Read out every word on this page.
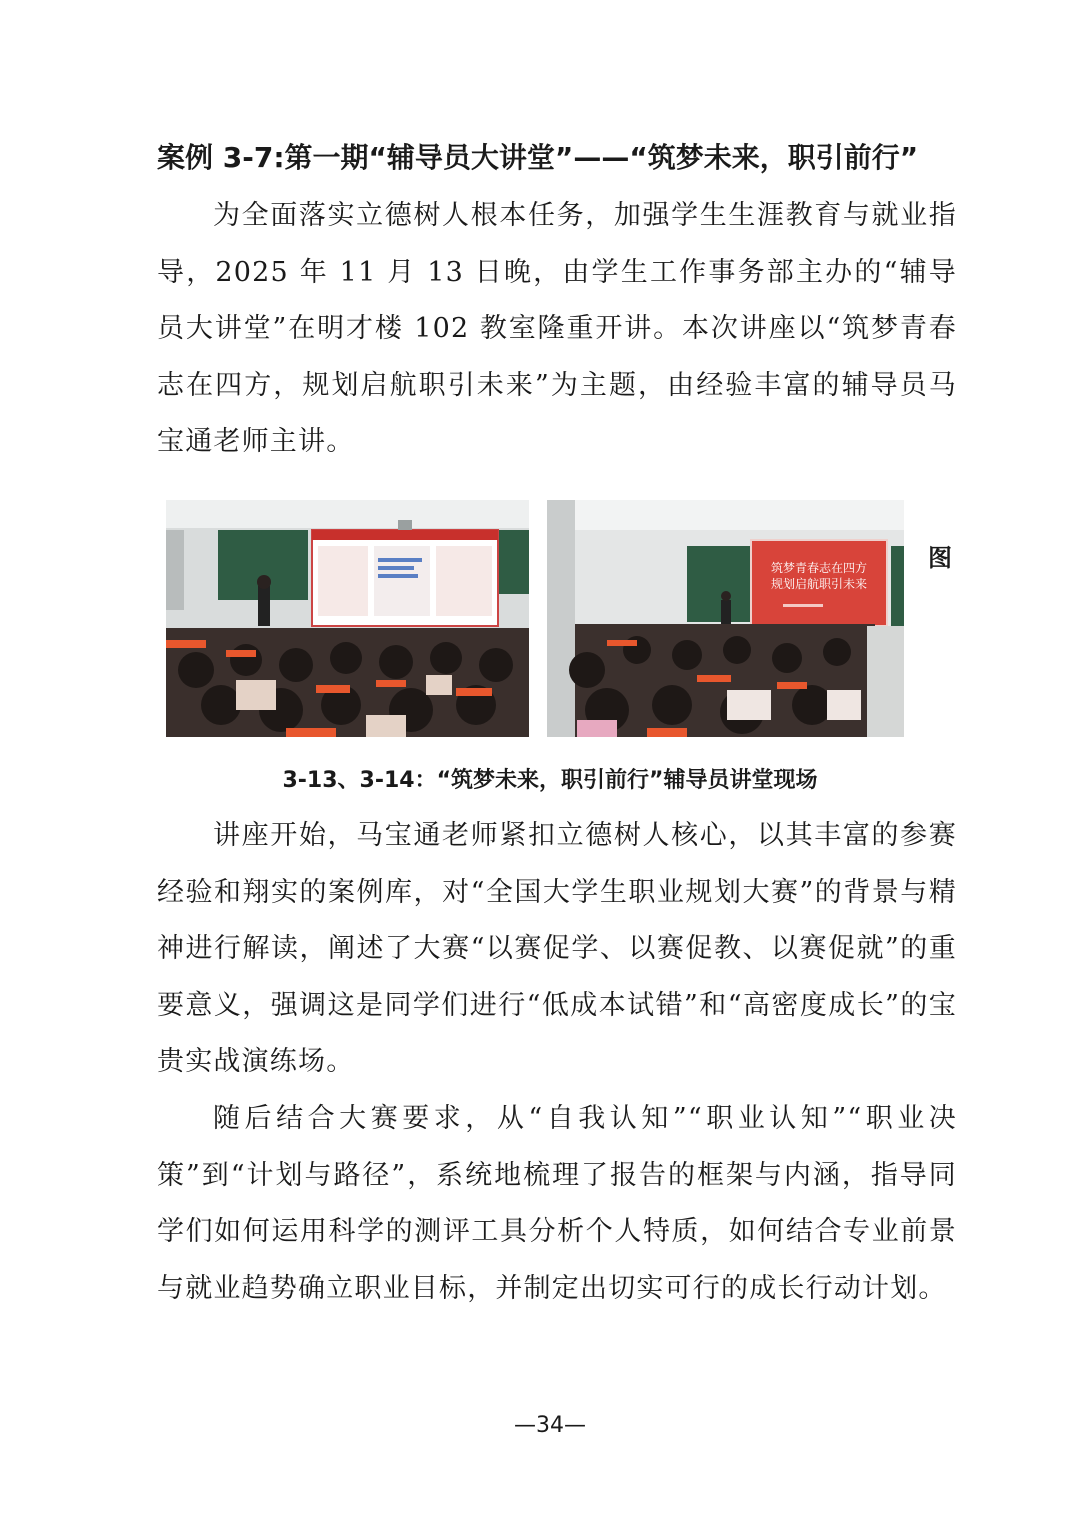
案例 3-7:第一期“辅导员大讲堂”——“筑梦未来，职引前行”

为全面落实立德树人根本任务，加强学生生涯教育与就业指导，2025 年 11 月 13 日晚，由学生工作事务部主办的“辅导员大讲堂”在明才楼 102 教室隆重开讲。本次讲座以“筑梦青春志在四方，规划启航职引未来”为主题，由经验丰富的辅导员马宝通老师主讲。

筑梦青春志在四方
规划启航职引未来
图
3-13、3-14：“筑梦未来，职引前行”辅导员讲堂现场

讲座开始，马宝通老师紧扣立德树人核心，以其丰富的参赛经验和翔实的案例库，对“全国大学生职业规划大赛”的背景与精神进行解读，阐述了大赛“以赛促学、以赛促教、以赛促就”的重要意义，强调这是同学们进行“低成本试错”和“高密度成长”的宝贵实战演练场。

随后结合大赛要求，从“自我认知”“职业认知”“职业决策”到“计划与路径”，系统地梳理了报告的框架与内涵，指导同学们如何运用科学的测评工具分析个人特质，如何结合专业前景与就业趋势确立职业目标，并制定出切实可行的成长行动计划。

—34—
